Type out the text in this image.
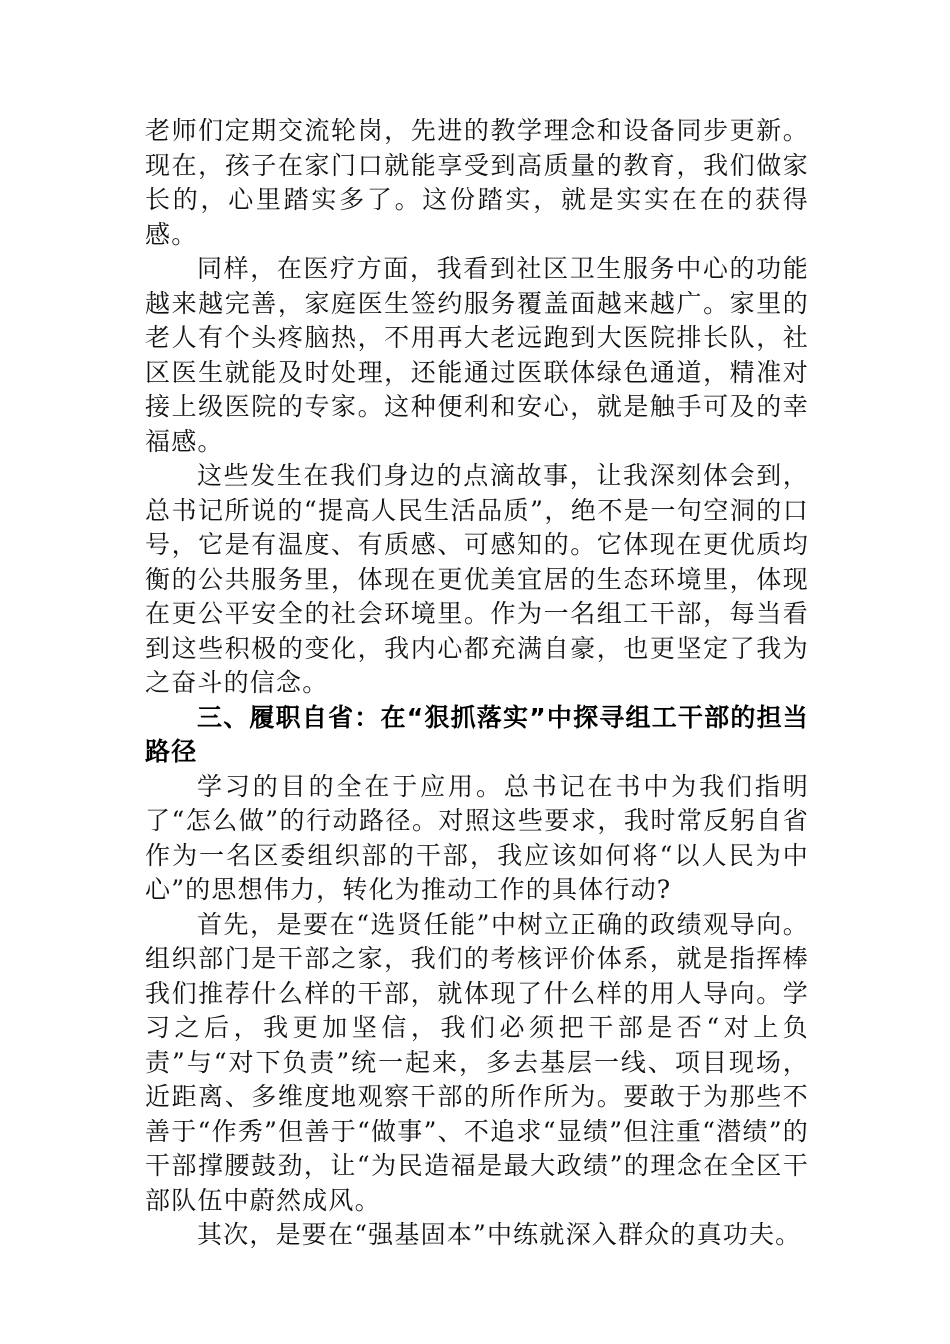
老师们定期交流轮岗，先进的教学理念和设备同步更新。现在，孩子在家门口就能享受到高质量的教育，我们做家长的，心里踏实多了。这份踏实，就是实实在在的获得感。

同样，在医疗方面，我看到社区卫生服务中心的功能越来越完善，家庭医生签约服务覆盖面越来越广。家里的老人有个头疼脑热，不用再大老远跑到大医院排长队，社区医生就能及时处理，还能通过医联体绿色通道，精准对接上级医院的专家。这种便利和安心，就是触手可及的幸福感。

这些发生在我们身边的点滴故事，让我深刻体会到，总书记所说的“提高人民生活品质”，绝不是一句空洞的口号，它是有温度、有质感、可感知的。它体现在更优质均衡的公共服务里，体现在更优美宜居的生态环境里，体现在更公平安全的社会环境里。作为一名组工干部，每当看到这些积极的变化，我内心都充满自豪，也更坚定了我为之奋斗的信念。

三、履职自省：在“狠抓落实”中探寻组工干部的担当路径

学习的目的全在于应用。总书记在书中为我们指明了“怎么做”的行动路径。对照这些要求，我时常反躬自省作为一名区委组织部的干部，我应该如何将“以人民为中心”的思想伟力，转化为推动工作的具体行动?

首先，是要在“选贤任能”中树立正确的政绩观导向。组织部门是干部之家，我们的考核评价体系，就是指挥棒我们推荐什么样的干部，就体现了什么样的用人导向。学习之后，我更加坚信，我们必须把干部是否“对上负责”与“对下负责”统一起来，多去基层一线、项目现场，近距离、多维度地观察干部的所作所为。要敢于为那些不善于“作秀”但善于“做事”、不追求“显绩”但注重“潜绩”的干部撑腰鼓劲，让“为民造福是最大政绩”的理念在全区干部队伍中蔚然成风。

其次，是要在“强基固本”中练就深入群众的真功夫。
